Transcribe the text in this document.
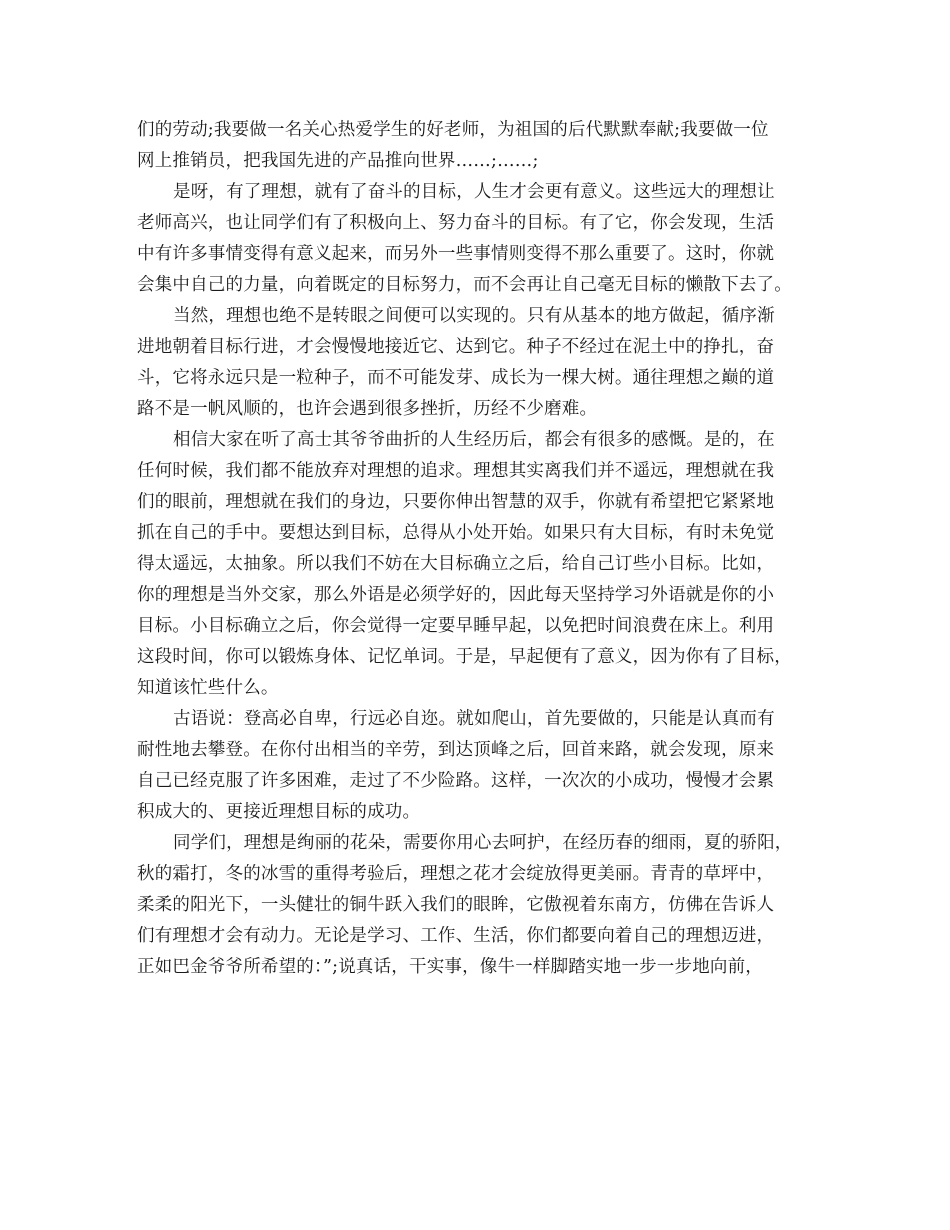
们的劳动;我要做一名关心热爱学生的好老师，为祖国的后代默默奉献;我要做一位
网上推销员，把我国先进的产品推向世界……;……;
是呀，有了理想，就有了奋斗的目标，人生才会更有意义。这些远大的理想让
老师高兴，也让同学们有了积极向上、努力奋斗的目标。有了它，你会发现，生活
中有许多事情变得有意义起来，而另外一些事情则变得不那么重要了。这时，你就
会集中自己的力量，向着既定的目标努力，而不会再让自己毫无目标的懒散下去了。
当然，理想也绝不是转眼之间便可以实现的。只有从基本的地方做起，循序渐
进地朝着目标行进，才会慢慢地接近它、达到它。种子不经过在泥土中的挣扎，奋
斗，它将永远只是一粒种子，而不可能发芽、成长为一棵大树。通往理想之巅的道
路不是一帆风顺的，也许会遇到很多挫折，历经不少磨难。
相信大家在听了高士其爷爷曲折的人生经历后，都会有很多的感慨。是的，在
任何时候，我们都不能放弃对理想的追求。理想其实离我们并不遥远，理想就在我
们的眼前，理想就在我们的身边，只要你伸出智慧的双手，你就有希望把它紧紧地
抓在自己的手中。要想达到目标，总得从小处开始。如果只有大目标，有时未免觉
得太遥远，太抽象。所以我们不妨在大目标确立之后，给自己订些小目标。比如，
你的理想是当外交家，那么外语是必须学好的，因此每天坚持学习外语就是你的小
目标。小目标确立之后，你会觉得一定要早睡早起，以免把时间浪费在床上。利用
这段时间，你可以锻炼身体、记忆单词。于是，早起便有了意义，因为你有了目标，
知道该忙些什么。
古语说：登高必自卑，行远必自迩。就如爬山，首先要做的，只能是认真而有
耐性地去攀登。在你付出相当的辛劳，到达顶峰之后，回首来路，就会发现，原来
自己已经克服了许多困难，走过了不少险路。这样，一次次的小成功，慢慢才会累
积成大的、更接近理想目标的成功。
同学们，理想是绚丽的花朵，需要你用心去呵护，在经历春的细雨，夏的骄阳，
秋的霜打，冬的冰雪的重得考验后，理想之花才会绽放得更美丽。青青的草坪中，
柔柔的阳光下，一头健壮的铜牛跃入我们的眼眸，它傲视着东南方，仿佛在告诉人
们有理想才会有动力。无论是学习、工作、生活，你们都要向着自己的理想迈进，
正如巴金爷爷所希望的：”;说真话，干实事，像牛一样脚踏实地一步一步地向前，
